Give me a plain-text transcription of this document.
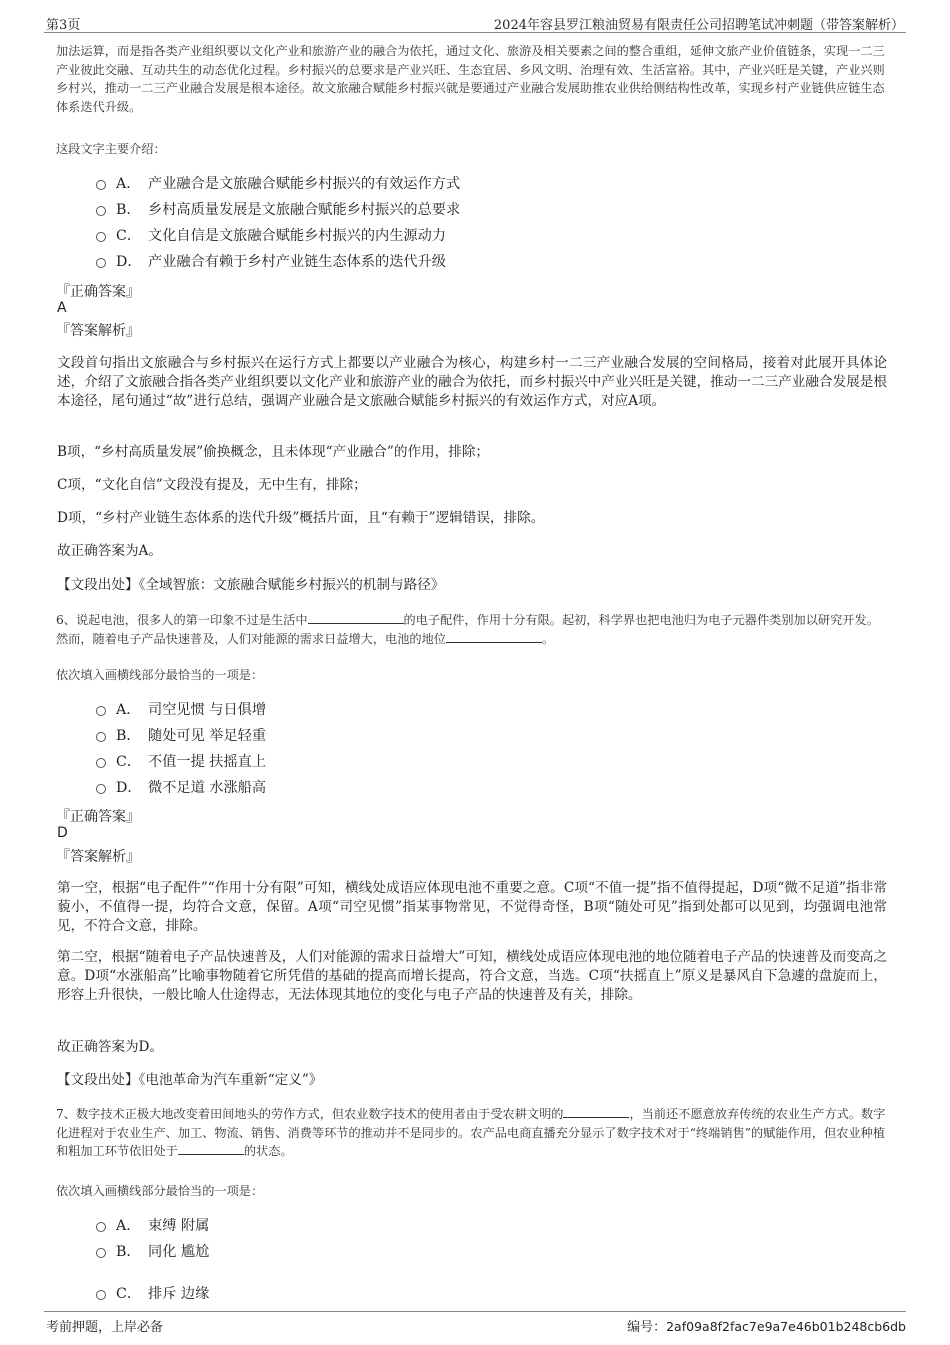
第3页	2024年容县罗江粮油贸易有限责任公司招聘笔试冲刺题（带答案解析）
加法运算，而是指各类产业组织要以文化产业和旅游产业的融合为依托，通过文化、旅游及相关要素之间的整合重组，延伸文旅产业价值链条，实现一二三产业彼此交融、互动共生的动态优化过程。乡村振兴的总要求是产业兴旺、生态宜居、乡风文明、治理有效、生活富裕。其中，产业兴旺是关键，产业兴则乡村兴，推动一二三产业融合发展是根本途径。故文旅融合赋能乡村振兴就是要通过产业融合发展助推农业供给侧结构性改革，实现乡村产业链供应链生态体系迭代升级。
这段文字主要介绍：
A． 产业融合是文旅融合赋能乡村振兴的有效运作方式
B． 乡村高质量发展是文旅融合赋能乡村振兴的总要求
C． 文化自信是文旅融合赋能乡村振兴的内生源动力
D． 产业融合有赖于乡村产业链生态体系的迭代升级
『正确答案』
A
『答案解析』
文段首句指出文旅融合与乡村振兴在运行方式上都要以产业融合为核心，构建乡村一二三产业融合发展的空间格局，接着对此展开具体论述，介绍了文旅融合指各类产业组织要以文化产业和旅游产业的融合为依托，而乡村振兴中产业兴旺是关键，推动一二三产业融合发展是根本途径，尾句通过“故”进行总结，强调产业融合是文旅融合赋能乡村振兴的有效运作方式，对应A项。
B项，“乡村高质量发展”偷换概念，且未体现“产业融合”的作用，排除；
C项，“文化自信”文段没有提及，无中生有，排除；
D项，“乡村产业链生态体系的迭代升级”概括片面，且“有赖于”逻辑错误，排除。
故正确答案为A。
【文段出处】《全域智旅：文旅融合赋能乡村振兴的机制与路径》
6、说起电池，很多人的第一印象不过是生活中	的电子配件，作用十分有限。起初，科学界也把电池归为电子元器件类别加以研究开发。然而，随着电子产品快速普及，人们对能源的需求日益增大，电池的地位	。
依次填入画横线部分最恰当的一项是：
A． 司空见惯 与日俱增
B． 随处可见 举足轻重
C． 不值一提 扶摇直上
D． 微不足道 水涨船高
『正确答案』
D
『答案解析』
第一空，根据“电子配件”“作用十分有限”可知，横线处成语应体现电池不重要之意。C项“不值一提”指不值得提起，D项“微不足道”指非常藐小，不值得一提，均符合文意，保留。A项“司空见惯”指某事物常见，不觉得奇怪，B项“随处可见”指到处都可以见到，均强调电池常见，不符合文意，排除。
第二空，根据“随着电子产品快速普及，人们对能源的需求日益增大”可知，横线处成语应体现电池的地位随着电子产品的快速普及而变高之意。D项“水涨船高”比喻事物随着它所凭借的基础的提高而增长提高，符合文意，当选。C项“扶摇直上”原义是暴风自下急遽的盘旋而上，形容上升很快，一般比喻人仕途得志，无法体现其地位的变化与电子产品的快速普及有关，排除。
故正确答案为D。
【文段出处】《电池革命为汽车重新“定义”》
7、数字技术正极大地改变着田间地头的劳作方式，但农业数字技术的使用者由于受农耕文明的	，当前还不愿意放弃传统的农业生产方式。数字化进程对于农业生产、加工、物流、销售、消费等环节的推动并不是同步的。农产品电商直播充分显示了数字技术对于“终端销售”的赋能作用，但农业种植和粗加工环节依旧处于	的状态。
依次填入画横线部分最恰当的一项是：
A． 束缚 附属
B． 同化 尴尬
C． 排斥 边缘
考前押题，上岸必备	编号：2af09a8f2fac7e9a7e46b01b248cb6db
